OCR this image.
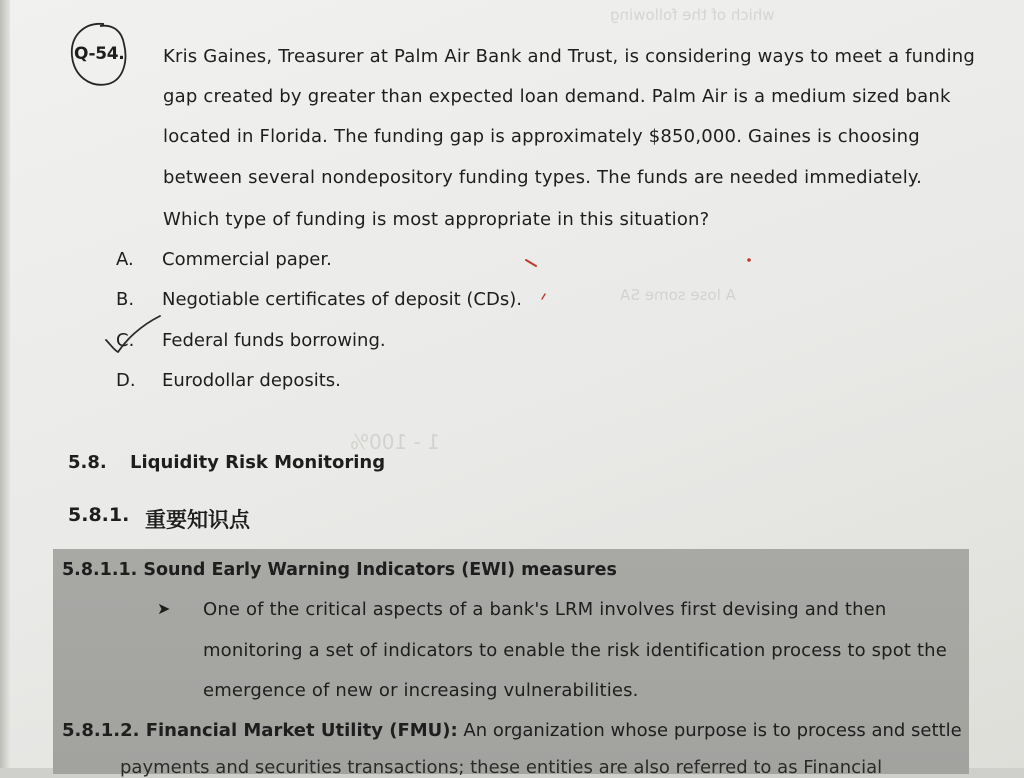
which of the following
A lose some SA
1 - 100%
Q-54. Kris Gaines, Treasurer at Palm Air Bank and Trust, is considering ways to meet a funding
gap created by greater than expected loan demand. Palm Air is a medium sized bank
located in Florida. The funding gap is approximately $850,000. Gaines is choosing
between several nondepository funding types. The funds are needed immediately.
Which type of funding is most appropriate in this situation?
A. Commercial paper.
B. Negotiable certificates of deposit (CDs).
C. Federal funds borrowing.
D. Eurodollar deposits.
5.8. Liquidity Risk Monitoring
5.8.1. 重要知识点
5.8.1.1. Sound Early Warning Indicators (EWI) measures
➤ One of the critical aspects of a bank's LRM involves first devising and then
monitoring a set of indicators to enable the risk identification process to spot the
emergence of new or increasing vulnerabilities.
5.8.1.2. Financial Market Utility (FMU): An organization whose purpose is to process and settle
payments and securities transactions; these entities are also referred to as Financial
